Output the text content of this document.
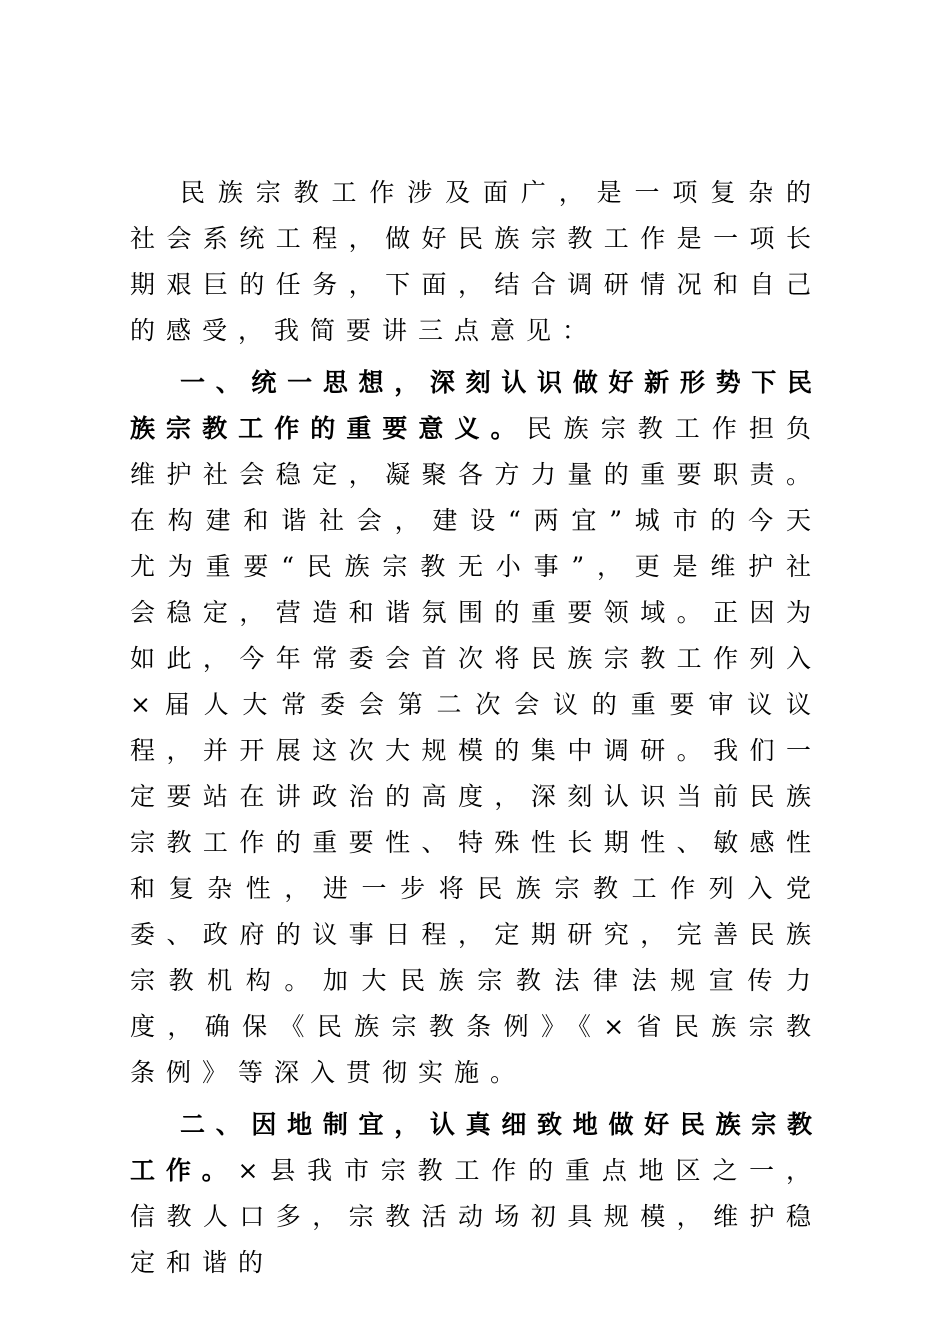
民族宗教工作涉及面广，是一项复杂的社会系统工程，做好民族宗教工作是一项长期艰巨的任务，下面，结合调研情况和自己的感受，我简要讲三点意见：

一、统一思想，深刻认识做好新形势下民族宗教工作的重要意义。民族宗教工作担负维护社会稳定，凝聚各方力量的重要职责。在构建和谐社会，建设“两宜”城市的今天尤为重要“民族宗教无小事”，更是维护社会稳定，营造和谐氛围的重要领域。正因为如此，今年常委会首次将民族宗教工作列入×届人大常委会第二次会议的重要审议议程，并开展这次大规模的集中调研。我们一定要站在讲政治的高度，深刻认识当前民族宗教工作的重要性、特殊性长期性、敏感性和复杂性，进一步将民族宗教工作列入党委、政府的议事日程，定期研究，完善民族宗教机构。加大民族宗教法律法规宣传力度，确保《民族宗教条例》《×省民族宗教条例》等深入贯彻实施。

二、因地制宜，认真细致地做好民族宗教工作。×县我市宗教工作的重点地区之一，信教人口多，宗教活动场初具规模，维护稳定和谐的
